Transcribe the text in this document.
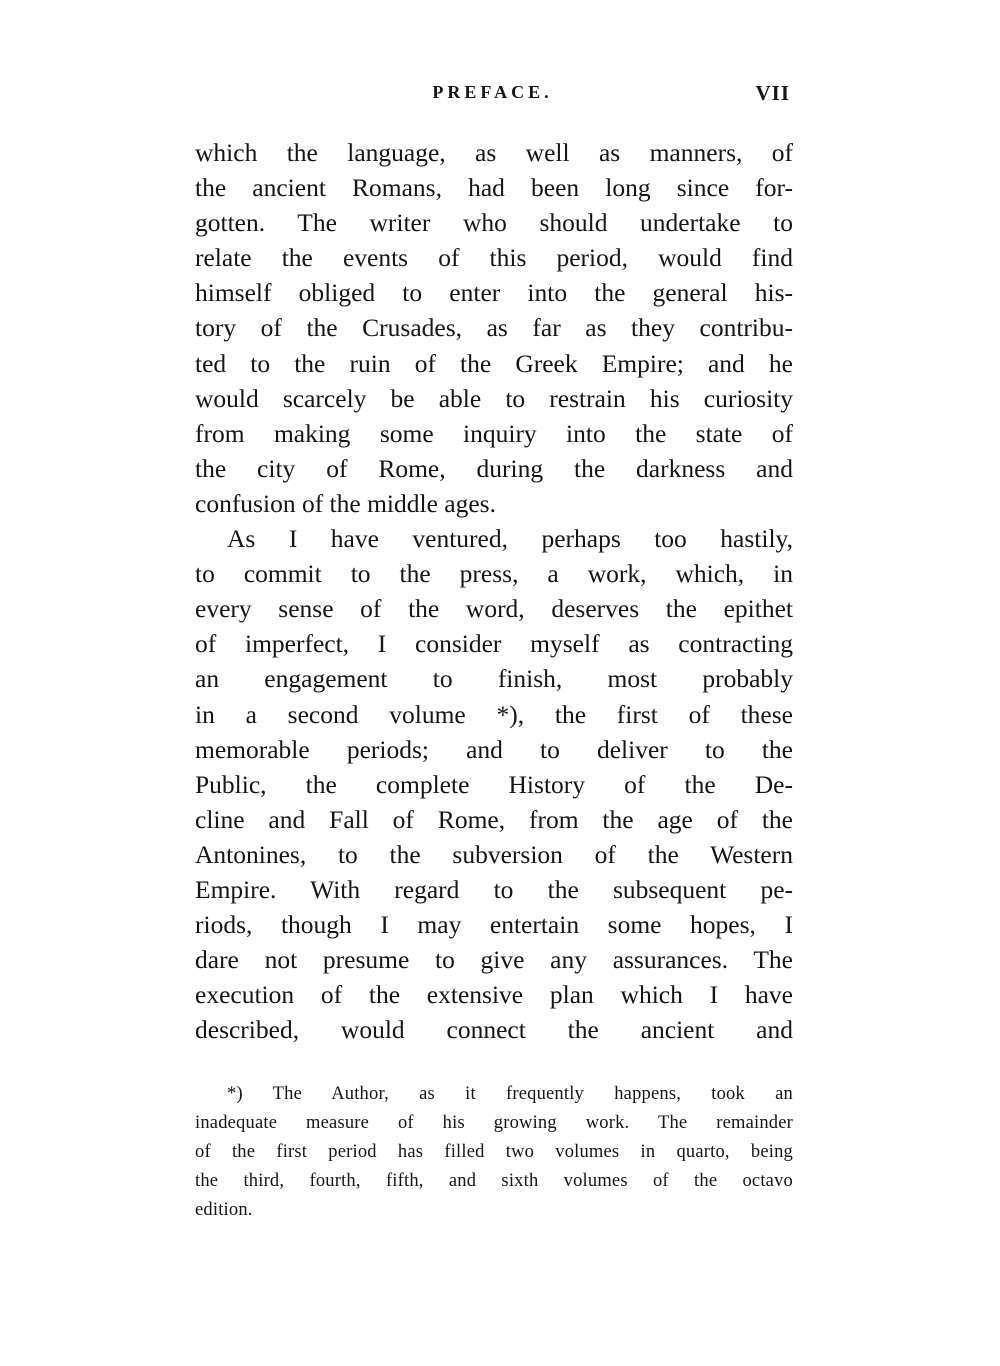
PREFACE.	VII
which the language, as well as manners, of
the ancient Romans, had been long since for-
gotten. The writer who should undertake to
relate the events of this period, would find
himself obliged to enter into the general his-
tory of the Crusades, as far as they contribu-
ted to the ruin of the Greek Empire; and he
would scarcely be able to restrain his curiosity
from making some inquiry into the state of
the city of Rome, during the darkness and
confusion of the middle ages.
As I have ventured, perhaps too hastily,
to commit to the press, a work, which, in
every sense of the word, deserves the epithet
of imperfect, I consider myself as contracting
an engagement to finish, most probably
in a second volume *), the first of these
memorable periods; and to deliver to the
Public, the complete History of the De-
cline and Fall of Rome, from the age of the
Antonines, to the subversion of the Western
Empire. With regard to the subsequent pe-
riods, though I may entertain some hopes, I
dare not presume to give any assurances. The
execution of the extensive plan which I have
described, would connect the ancient and
*) The Author, as it frequently happens, took an
inadequate measure of his growing work. The remainder
of the first period has filled two volumes in quarto, being
the third, fourth, fifth, and sixth volumes of the octavo
edition.
